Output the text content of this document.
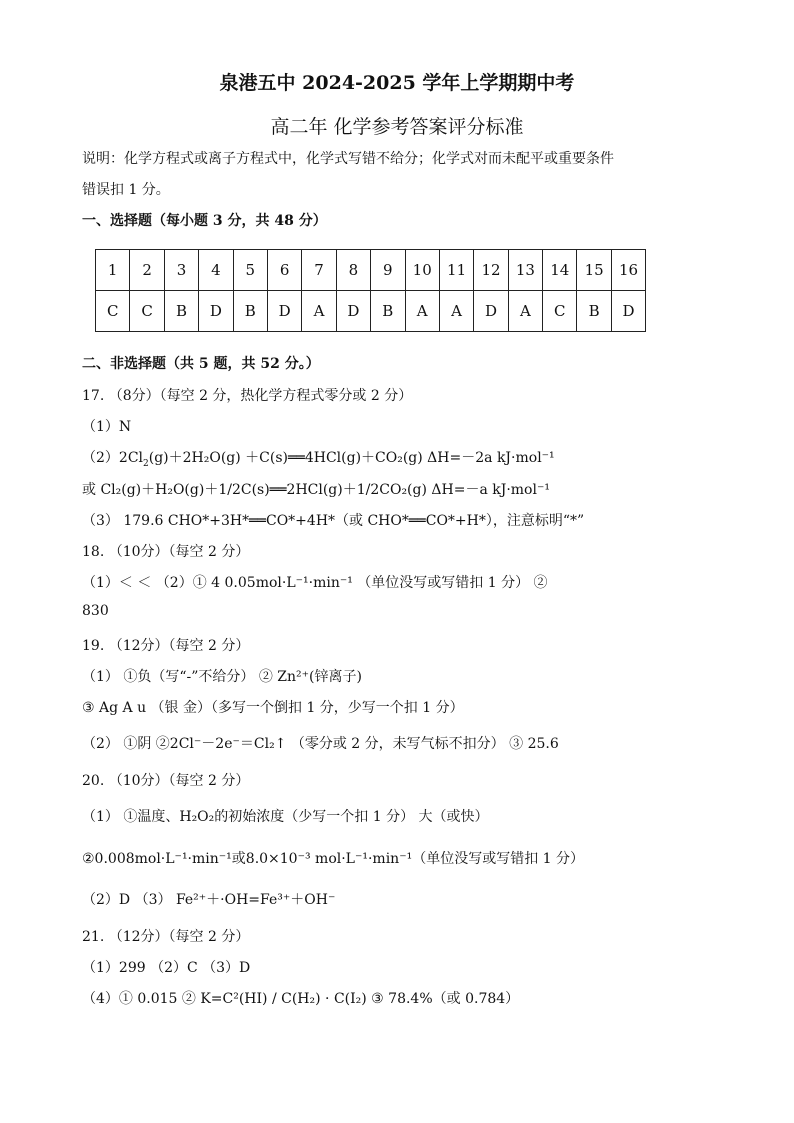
泉港五中 2024-2025 学年上学期期中考
高二年 化学参考答案评分标准
说明：化学方程式或离子方程式中，化学式写错不给分；化学式对而未配平或重要条件
错误扣 1 分。
一、选择题（每小题 3 分，共 48 分）
1	2	3	4	5	6	7	8	9	10	11	12	13	14	15	16
C	C	B	D	B	D	A	D	B	A	A	D	A	C	B	D
二、非选择题（共 5 题，共 52 分。）
17. （8分）（每空 2 分，热化学方程式零分或 2 分）
（1）N
$(2)2Cl_2(g)+2H_2O(g)$ ＋C(s)══4HCl(g)＋CO₂(g) ΔH=－2a kJ·mol⁻¹
或 Cl₂(g)＋H₂O(g)＋1/2C(s)══2HCl(g)＋1/2CO₂(g) ΔH=－a kJ·mol⁻¹
（3） 179.6 CHO*+3H*══CO*+4H*（或 CHO*══CO*+H*），注意标明“*”
18. （10分）（每空 2 分）
（1）＜ ＜ （2）① 4 0.05mol·L⁻¹·min⁻¹ （单位没写或写错扣 1 分） ②
830
19. （12分）（每空 2 分）
（1） ①负（写“-”不给分） ② Zn²⁺(锌离子)
③ Ag A u （银 金）（多写一个倒扣 1 分，少写一个扣 1 分）
（2） ①阴 ②2Cl⁻－2e⁻＝Cl₂↑ （零分或 2 分，未写气标不扣分） ③ 25.6
20. （10分）（每空 2 分）
（1） ①温度、H₂O₂的初始浓度（少写一个扣 1 分） 大（或快）
②0.008mol·L⁻¹·min⁻¹或8.0×10⁻³ mol·L⁻¹·min⁻¹（单位没写或写错扣 1 分）
（2）D （3） Fe²⁺＋·OH=Fe³⁺＋OH⁻
21. （12分）（每空 2 分）
（1）299 （2）C （3）D
（4）① 0.015 ② K=C²(HI) / C(H₂) · C(I₂) ③ 78.4%（或 0.784）
